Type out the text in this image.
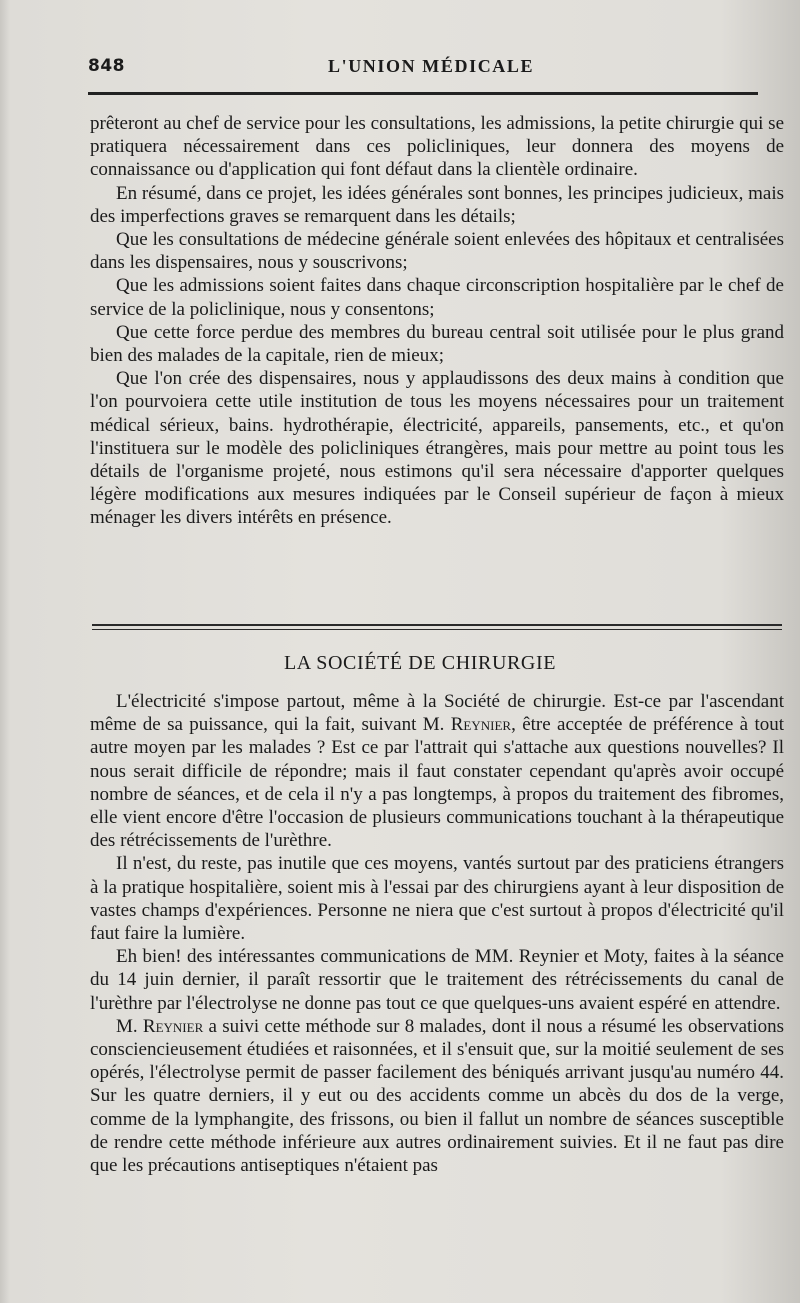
848	L'UNION MÉDICALE

prêteront au chef de service pour les consultations, les admissions, la petite chirurgie qui se pratiquera nécessairement dans ces policliniques, leur donnera des moyens de connaissance ou d'application qui font défaut dans la clientèle ordinaire.

En résumé, dans ce projet, les idées générales sont bonnes, les principes judicieux, mais des imperfections graves se remarquent dans les détails;

Que les consultations de médecine générale soient enlevées des hôpitaux et centralisées dans les dispensaires, nous y souscrivons;

Que les admissions soient faites dans chaque circonscription hospitalière par le chef de service de la policlinique, nous y consentons;

Que cette force perdue des membres du bureau central soit utilisée pour le plus grand bien des malades de la capitale, rien de mieux;

Que l'on crée des dispensaires, nous y applaudissons des deux mains à condition que l'on pourvoiera cette utile institution de tous les moyens nécessaires pour un traitement médical sérieux, bains. hydrothérapie, électricité, appareils, pansements, etc., et qu'on l'instituera sur le modèle des policliniques étrangères, mais pour mettre au point tous les détails de l'organisme projeté, nous estimons qu'il sera nécessaire d'apporter quelques légère modifications aux mesures indiquées par le Conseil supérieur de façon à mieux ménager les divers intérêts en présence.

LA SOCIÉTÉ DE CHIRURGIE

L'électricité s'impose partout, même à la Société de chirurgie. Est-ce par l'ascendant même de sa puissance, qui la fait, suivant M. Reynier, être acceptée de préférence à tout autre moyen par les malades ? Est ce par l'attrait qui s'attache aux questions nouvelles? Il nous serait difficile de répondre; mais il faut constater cependant qu'après avoir occupé nombre de séances, et de cela il n'y a pas longtemps, à propos du traitement des fibromes, elle vient encore d'être l'occasion de plusieurs communications touchant à la thérapeutique des rétrécissements de l'urèthre.

Il n'est, du reste, pas inutile que ces moyens, vantés surtout par des praticiens étrangers à la pratique hospitalière, soient mis à l'essai par des chirurgiens ayant à leur disposition de vastes champs d'expériences. Personne ne niera que c'est surtout à propos d'électricité qu'il faut faire la lumière.

Eh bien! des intéressantes communications de MM. Reynier et Moty, faites à la séance du 14 juin dernier, il paraît ressortir que le traitement des rétrécissements du canal de l'urèthre par l'électrolyse ne donne pas tout ce que quelques-uns avaient espéré en attendre.

M. Reynier a suivi cette méthode sur 8 malades, dont il nous a résumé les observations consciencieusement étudiées et raisonnées, et il s'ensuit que, sur la moitié seulement de ses opérés, l'électrolyse permit de passer facilement des béniqués arrivant jusqu'au numéro 44. Sur les quatre derniers, il y eut ou des accidents comme un abcès du dos de la verge, comme de la lymphangite, des frissons, ou bien il fallut un nombre de séances susceptible de rendre cette méthode inférieure aux autres ordinairement suivies. Et il ne faut pas dire que les précautions antiseptiques n'étaient pas
